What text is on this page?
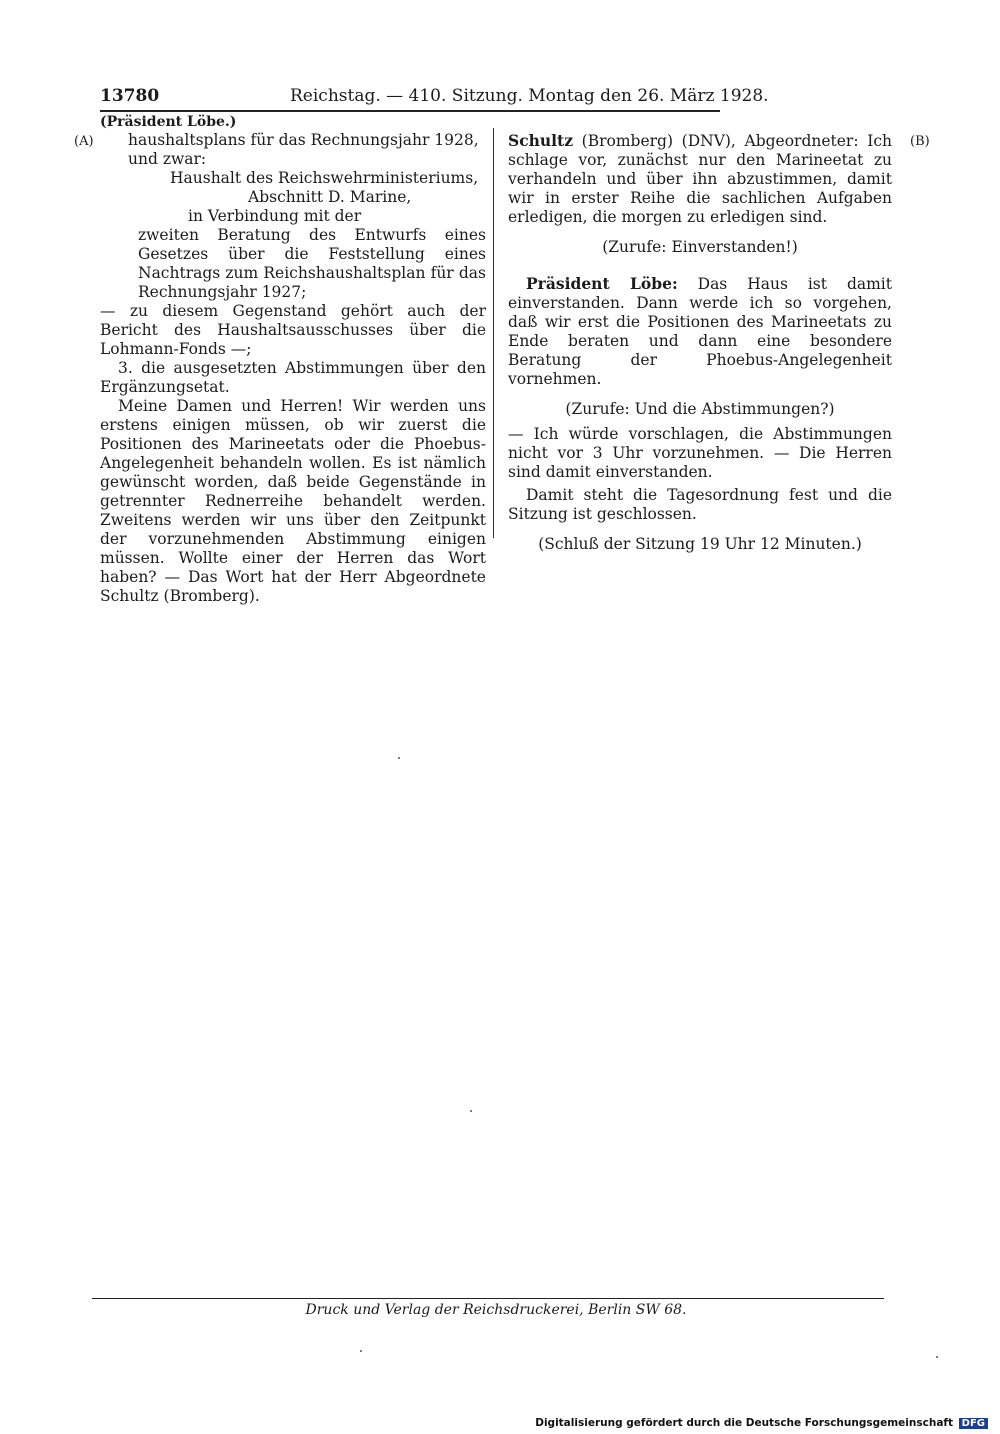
13780	Reichstag. — 410. Sitzung. Montag den 26. März 1928.
(Präsident Löbe.)
(A)	(B)

haushaltsplans für das Rechnungsjahr 1928,

und zwar:

Haushalt des Reichswehrministeriums,

Abschnitt D. Marine,

in Verbindung mit der

zweiten Beratung des Entwurfs eines Gesetzes über die Feststellung eines Nachtrags zum Reichshaushaltsplan für das Rechnungsjahr 1927;

— zu diesem Gegenstand gehört auch der Bericht des Haushaltsausschusses über die Lohmann-Fonds —;

3. die ausgesetzten Abstimmungen über den Ergänzungsetat.

Meine Damen und Herren! Wir werden uns erstens einigen müssen, ob wir zuerst die Positionen des Marineetats oder die Phoebus-Angelegenheit behandeln wollen. Es ist nämlich gewünscht worden, daß beide Gegenstände in getrennter Rednerreihe behandelt werden. Zweitens werden wir uns über den Zeitpunkt der vorzunehmenden Abstimmung einigen müssen. Wollte einer der Herren das Wort haben? — Das Wort hat der Herr Abgeordnete Schultz (Bromberg).

Schultz (Bromberg) (DNV), Abgeordneter: Ich schlage vor, zunächst nur den Marineetat zu verhandeln und über ihn abzustimmen, damit wir in erster Reihe die sachlichen Aufgaben erledigen, die morgen zu erledigen sind.

(Zurufe: Einverstanden!)

Präsident Löbe: Das Haus ist damit einverstanden. Dann werde ich so vorgehen, daß wir erst die Positionen des Marineetats zu Ende beraten und dann eine besondere Beratung der Phoebus-Angelegenheit vornehmen.

(Zurufe: Und die Abstimmungen?)

— Ich würde vorschlagen, die Abstimmungen nicht vor 3 Uhr vorzunehmen. — Die Herren sind damit einverstanden.

Damit steht die Tagesordnung fest und die Sitzung ist geschlossen.

(Schluß der Sitzung 19 Uhr 12 Minuten.)

Druck und Verlag der Reichsdruckerei, Berlin SW 68.
Digitalisierung gefördert durch die Deutsche Forschungsgemeinschaft DFG
